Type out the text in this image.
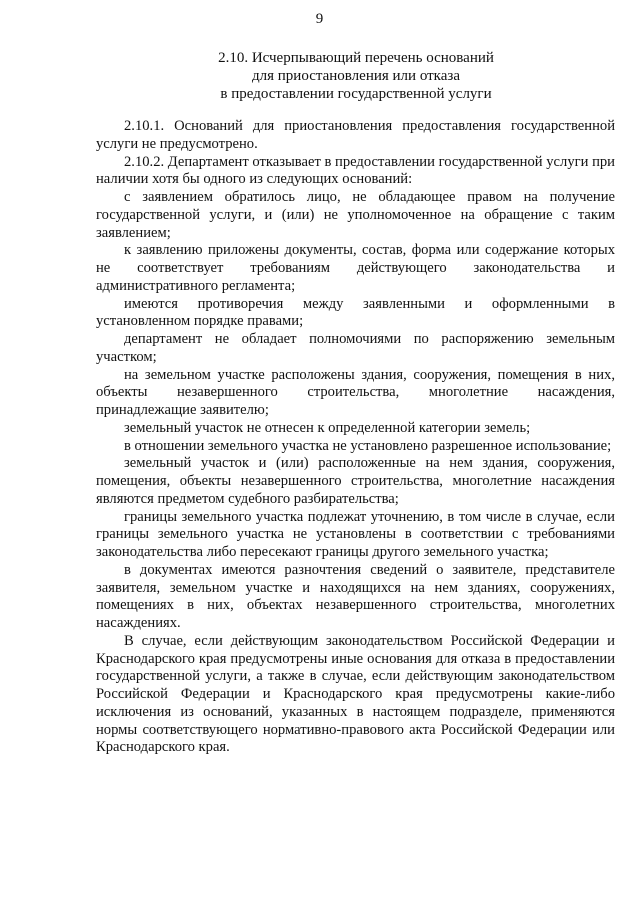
9
2.10. Исчерпывающий перечень оснований
для приостановления или отказа
в предоставлении государственной услуги

2.10.1. Оснований для приостановления предоставления государственной услуги не предусмотрено.

2.10.2. Департамент отказывает в предоставлении государственной услуги при наличии хотя бы одного из следующих оснований:

с заявлением обратилось лицо, не обладающее правом на получение государственной услуги, и (или) не уполномоченное на обращение с таким заявлением;

к заявлению приложены документы, состав, форма или содержание которых не соответствует требованиям действующего законодательства и административного регламента;

имеются противоречия между заявленными и оформленными в установленном порядке правами;

департамент не обладает полномочиями по распоряжению земельным участком;

на земельном участке расположены здания, сооружения, помещения в них, объекты незавершенного строительства, многолетние насаждения, принадлежащие заявителю;

земельный участок не отнесен к определенной категории земель;

в отношении земельного участка не установлено разрешенное использование;

земельный участок и (или) расположенные на нем здания, сооружения, помещения, объекты незавершенного строительства, многолетние насаждения являются предметом судебного разбирательства;

границы земельного участка подлежат уточнению, в том числе в случае, если границы земельного участка не установлены в соответствии с требованиями законодательства либо пересекают границы другого земельного участка;

в документах имеются разночтения сведений о заявителе, представителе заявителя, земельном участке и находящихся на нем зданиях, сооружениях, помещениях в них, объектах незавершенного строительства, многолетних насаждениях.

В случае, если действующим законодательством Российской Федерации и Краснодарского края предусмотрены иные основания для отказа в предоставлении государственной услуги, а также в случае, если действующим законодательством Российской Федерации и Краснодарского края предусмотрены какие-либо исключения из оснований, указанных в настоящем подразделе, применяются нормы соответствующего нормативно-правового акта Российской Федерации или Краснодарского края.
